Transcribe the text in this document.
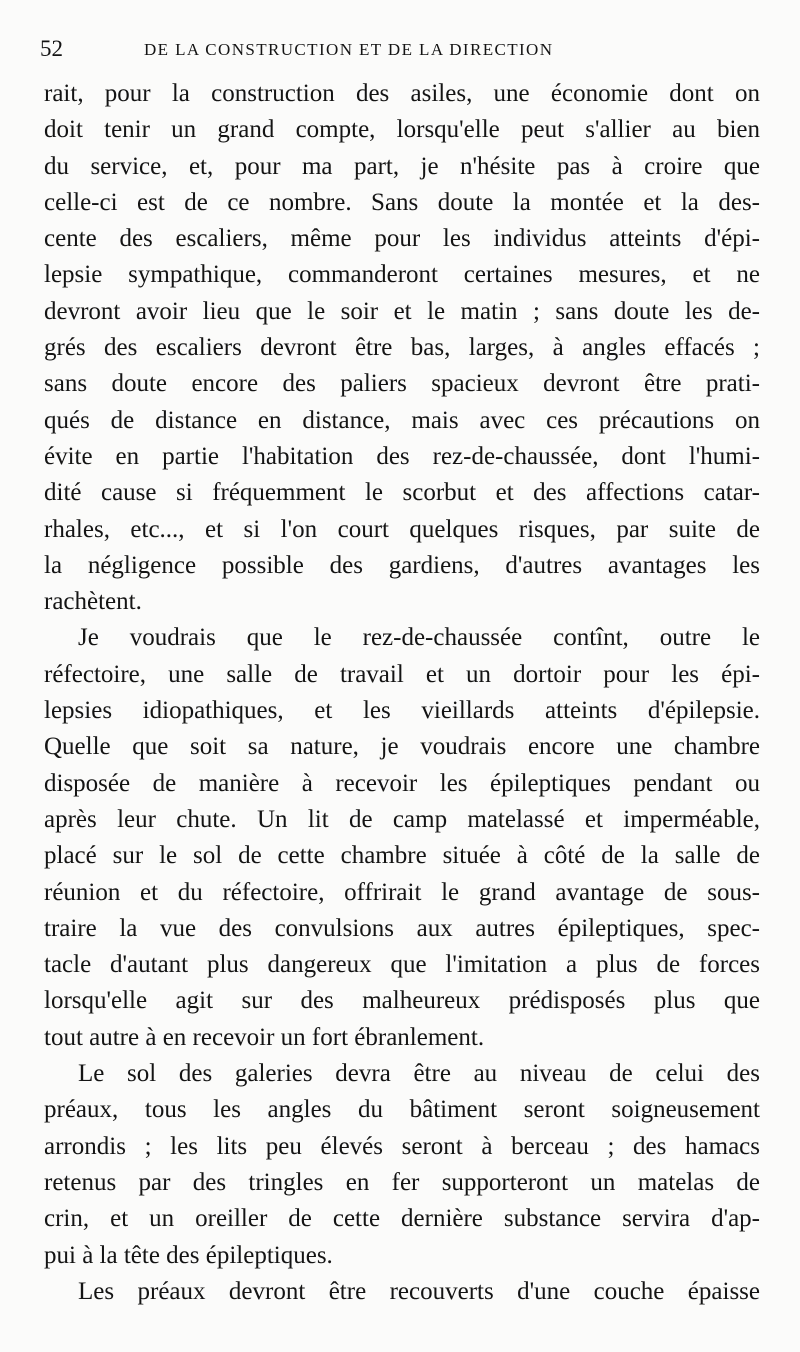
52	DE LA CONSTRUCTION ET DE LA DIRECTION
rait, pour la construction des asiles, une économie dont on
doit tenir un grand compte, lorsqu'elle peut s'allier au bien
du service, et, pour ma part, je n'hésite pas à croire que
celle-ci est de ce nombre. Sans doute la montée et la des-
cente des escaliers, même pour les individus atteints d'épi-
lepsie sympathique, commanderont certaines mesures, et ne
devront avoir lieu que le soir et le matin ; sans doute les de-
grés des escaliers devront être bas, larges, à angles effacés ;
sans doute encore des paliers spacieux devront être prati-
qués de distance en distance, mais avec ces précautions on
évite en partie l'habitation des rez-de-chaussée, dont l'humi-
dité cause si fréquemment le scorbut et des affections catar-
rhales, etc..., et si l'on court quelques risques, par suite de
la négligence possible des gardiens, d'autres avantages les
rachètent.
Je voudrais que le rez-de-chaussée contînt, outre le
réfectoire, une salle de travail et un dortoir pour les épi-
lepsies idiopathiques, et les vieillards atteints d'épilepsie.
Quelle que soit sa nature, je voudrais encore une chambre
disposée de manière à recevoir les épileptiques pendant ou
après leur chute. Un lit de camp matelassé et imperméable,
placé sur le sol de cette chambre située à côté de la salle de
réunion et du réfectoire, offrirait le grand avantage de sous-
traire la vue des convulsions aux autres épileptiques, spec-
tacle d'autant plus dangereux que l'imitation a plus de forces
lorsqu'elle agit sur des malheureux prédisposés plus que
tout autre à en recevoir un fort ébranlement.
Le sol des galeries devra être au niveau de celui des
préaux, tous les angles du bâtiment seront soigneusement
arrondis ; les lits peu élevés seront à berceau ; des hamacs
retenus par des tringles en fer supporteront un matelas de
crin, et un oreiller de cette dernière substance servira d'ap-
pui à la tête des épileptiques.
Les préaux devront être recouverts d'une couche épaisse
